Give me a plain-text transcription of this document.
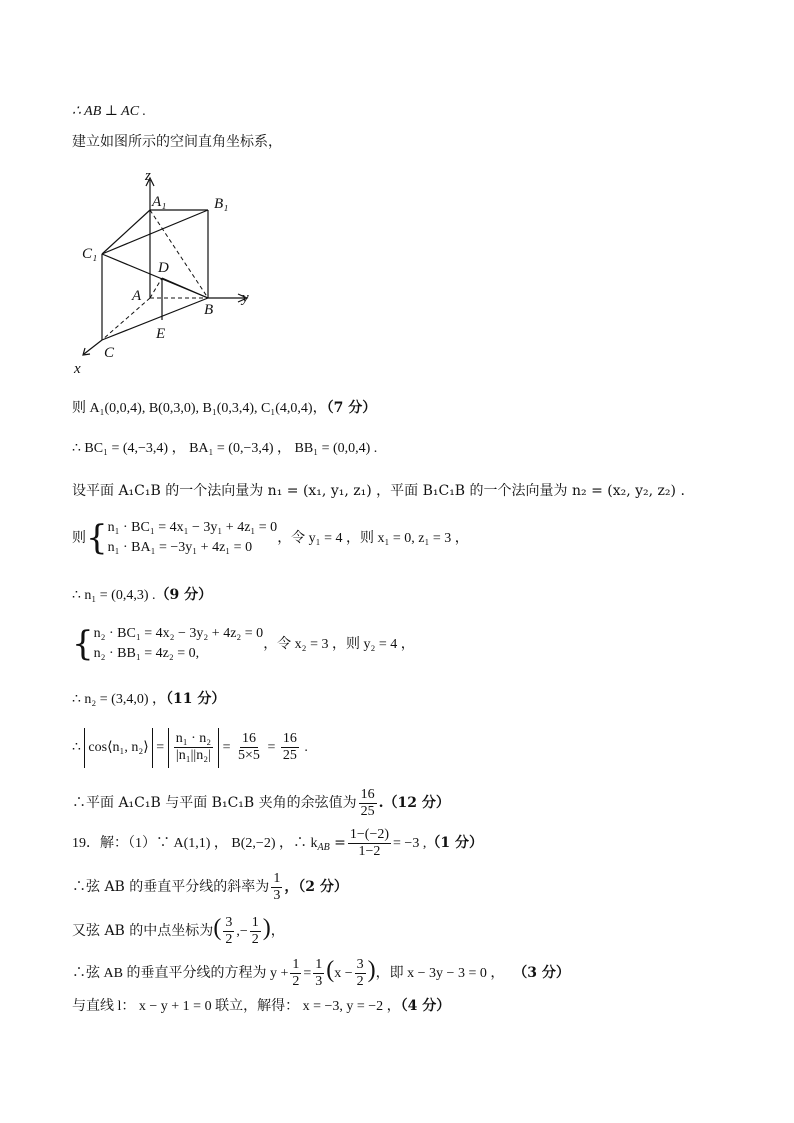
∴ AB ⊥ AC .
建立如图所示的空间直角坐标系，
z
A₁	B₁
C₁
D
A	y
B
E
C
x
则 A₁(0,0,4), B(0,3,0), B₁(0,3,4), C₁(4,0,4)，（7 分）
∴ BC₁ = (4,−3,4) ， BA₁ = (0,−3,4) ， BB₁ = (0,0,4) .
设平面 A₁C₁B 的一个法向量为 n₁ = (x₁, y₁, z₁) ，平面 B₁C₁B 的一个法向量为 n₂ = (x₂, y₂, z₂) .
则{ n₁ · BC₁ = 4x₁ − 3y₁ + 4z₁ = 0
n₁ · BA₁ = −3y₁ + 4z₁ = 0
，令 y₁ = 4 ，则 x₁ = 0, z₁ = 3 ，
∴ n₁ = (0,4,3) .（9 分）
{ n₂ · BC₁ = 4x₂ − 3y₂ + 4z₂ = 0
n₂ · BB₁ = 4z₂ = 0,
，令 x₂ = 3 ，则 y₂ = 4 ，
∴ n₂ = (3,4,0) ，（11 分）
∴ cos⟨n₁, n₂⟩ = $\frac{\text{n₁ · n₂}}{\text{|n₁||n₂|}} = \frac{16}{5\times 5} = \frac{16}{25}$ .
∴平面 A₁C₁B 与平面 B₁C₁B 夹角的余弦值为 $\frac{16}{25} .(12$ 分）
19．解：（1）∵ A(1,1) ， B(2,−2) ，∴ $k_{AB} = \frac{1-(-2)}{1-2} = -3$ ,（1 分）
∴弦 AB 的垂直平分线的斜率为 $\frac{1}{3}$ ，（2 分）
又弦 AB 的中点坐标为( $\frac{3}{2}$ ,− $\frac{1}{2}$ )，
∴弦 AB 的垂直平分线的方程为 $y + \frac{1}{2} = \frac{1}{3} (x - \frac{3}{2}$ )，即 x − 3y − 3 = 0 ， （3 分）
与直线 l： x − y + 1 = 0 联立，解得： x = −3, y = −2 ，（4 分）
